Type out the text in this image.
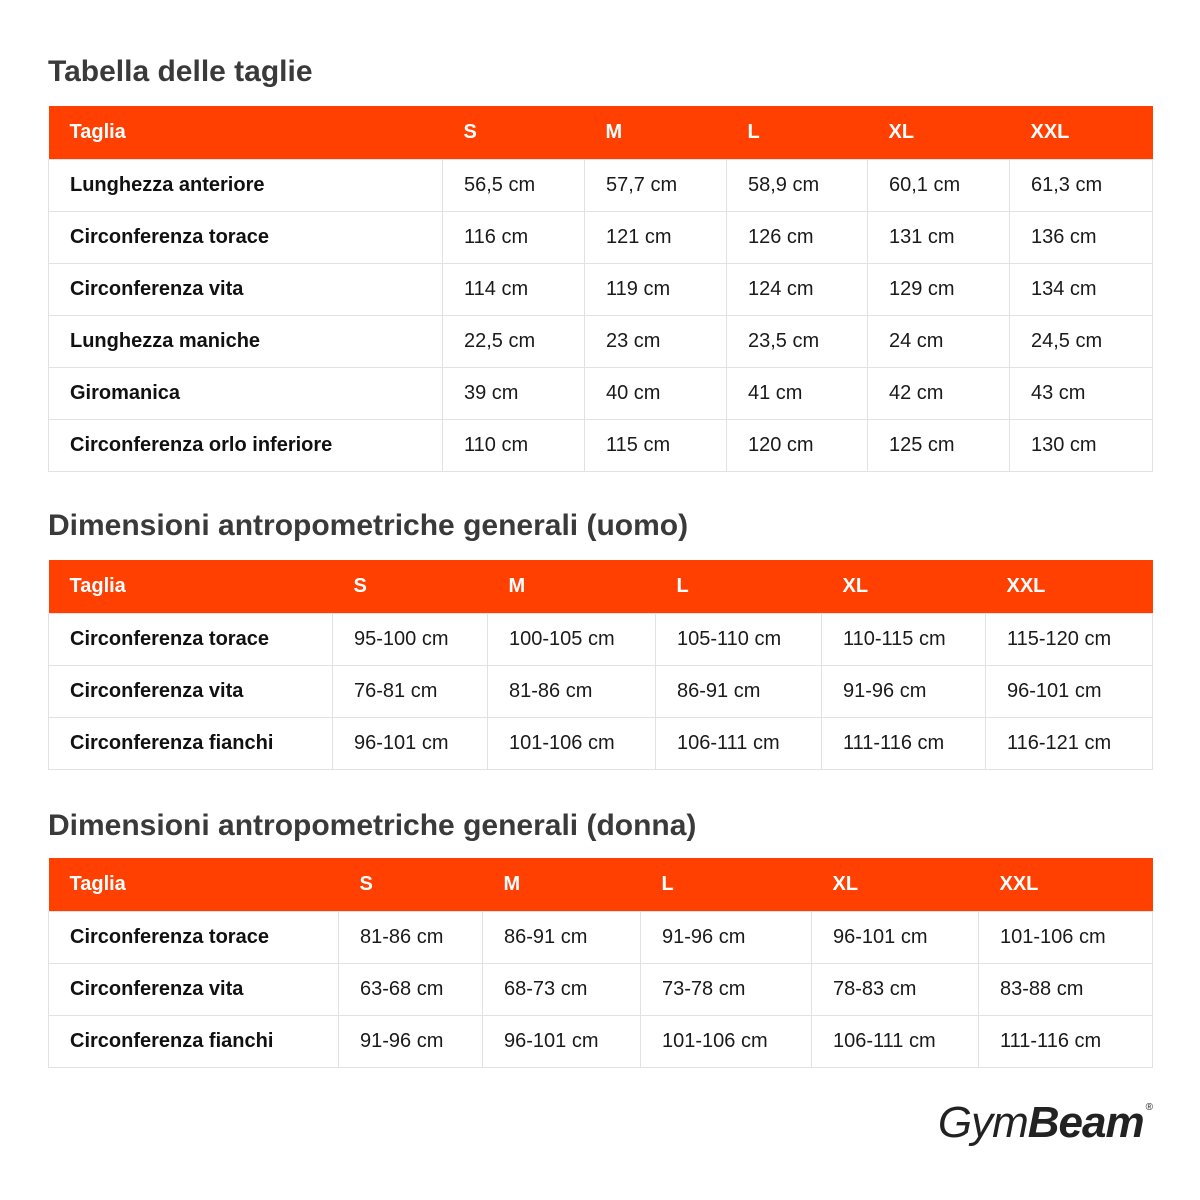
Tabella delle taglie
Taglia	S	M	L	XL	XXL
Lunghezza anteriore	56,5 cm	57,7 cm	58,9 cm	60,1 cm	61,3 cm
Circonferenza torace	116 cm	121 cm	126 cm	131 cm	136 cm
Circonferenza vita	114 cm	119 cm	124 cm	129 cm	134 cm
Lunghezza maniche	22,5 cm	23 cm	23,5 cm	24 cm	24,5 cm
Giromanica	39 cm	40 cm	41 cm	42 cm	43 cm
Circonferenza orlo inferiore	110 cm	115 cm	120 cm	125 cm	130 cm
Dimensioni antropometriche generali (uomo)
Taglia	S	M	L	XL	XXL
Circonferenza torace	95-100 cm	100-105 cm	105-110 cm	110-115 cm	115-120 cm
Circonferenza vita	76-81 cm	81-86 cm	86-91 cm	91-96 cm	96-101 cm
Circonferenza fianchi	96-101 cm	101-106 cm	106-111 cm	111-116 cm	116-121 cm
Dimensioni antropometriche generali (donna)
Taglia	S	M	L	XL	XXL
Circonferenza torace	81-86 cm	86-91 cm	91-96 cm	96-101 cm	101-106 cm
Circonferenza vita	63-68 cm	68-73 cm	73-78 cm	78-83 cm	83-88 cm
Circonferenza fianchi	91-96 cm	96-101 cm	101-106 cm	106-111 cm	111-116 cm
GymBeam ®
